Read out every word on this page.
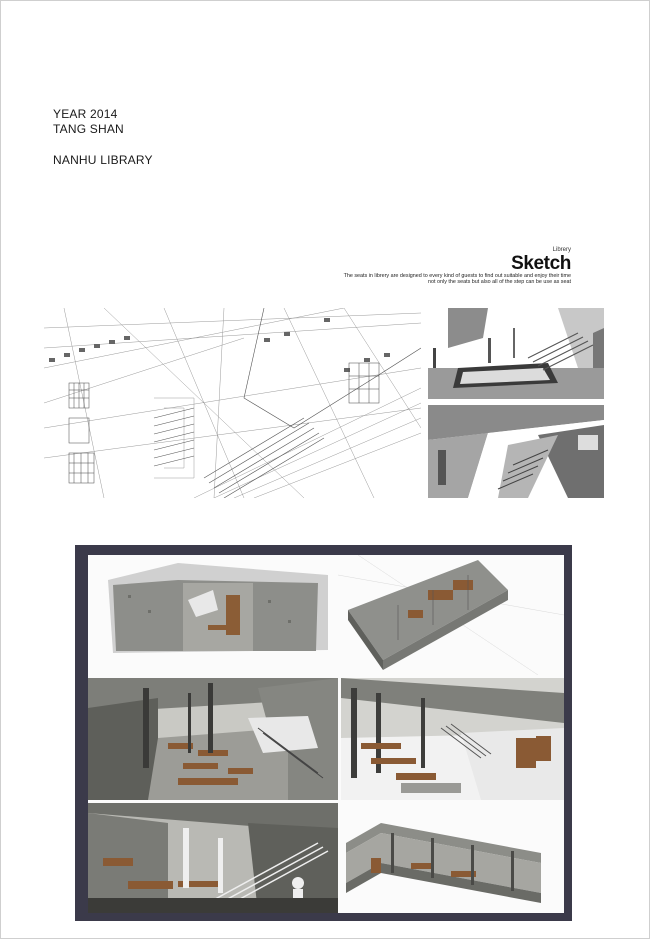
YEAR 2014
TANG SHAN
NANHU LIBRARY
Librery
Sketch
The seats in librery are designed to every kind of guests to find out suitable and enjoy their time
not only the seats but also all of the step can be use as seat
